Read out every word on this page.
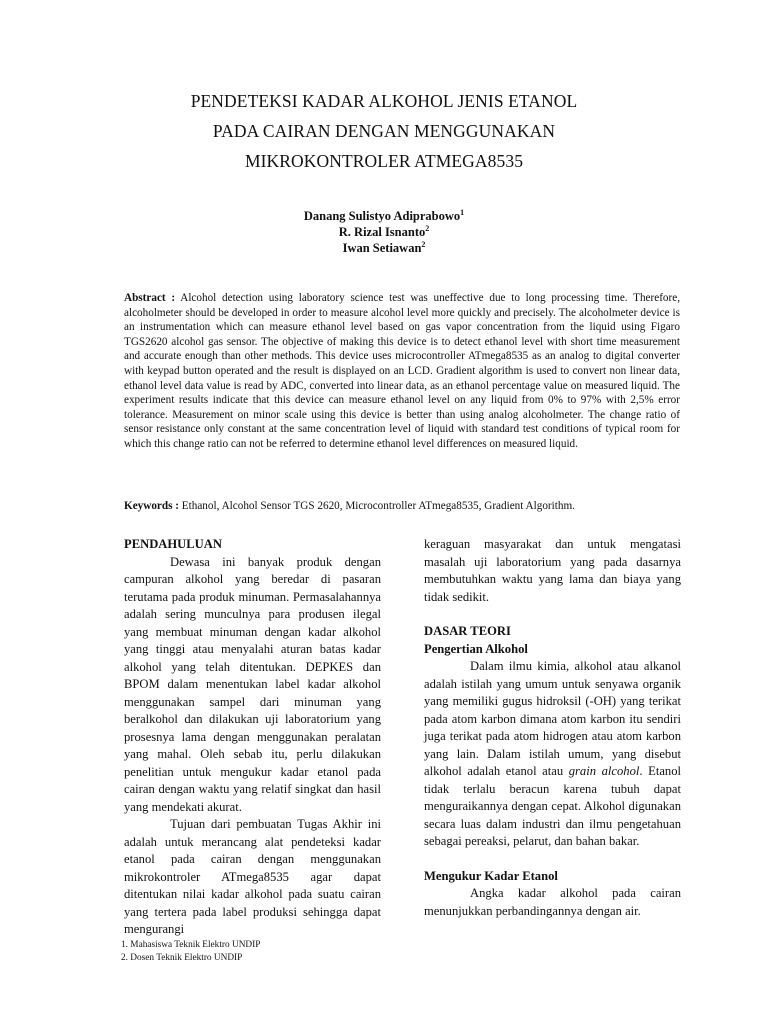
PENDETEKSI KADAR ALKOHOL JENIS ETANOL
PADA CAIRAN DENGAN MENGGUNAKAN
MIKROKONTROLER ATMEGA8535
Danang Sulistyo Adiprabowo$^1$
R. Rizal Isnanto$^2$
Iwan Setiawan$^2$

Abstract : Alcohol detection using laboratory science test was uneffective due to long processing time. Therefore, alcoholmeter should be developed in order to measure alcohol level more quickly and precisely. The alcoholmeter device is an instrumentation which can measure ethanol level based on gas vapor concentration from the liquid using Figaro TGS2620 alcohol gas sensor. The objective of making this device is to detect ethanol level with short time measurement and accurate enough than other methods. This device uses microcontroller ATmega8535 as an analog to digital converter with keypad button operated and the result is displayed on an LCD. Gradient algorithm is used to convert non linear data, ethanol level data value is read by ADC, converted into linear data, as an ethanol percentage value on measured liquid. The experiment results indicate that this device can measure ethanol level on any liquid from 0% to 97% with 2,5% error tolerance. Measurement on minor scale using this device is better than using analog alcoholmeter. The change ratio of sensor resistance only constant at the same concentration level of liquid with standard test conditions of typical room for which this change ratio can not be referred to determine ethanol level differences on measured liquid.

Keywords : Ethanol, Alcohol Sensor TGS 2620, Microcontroller ATmega8535, Gradient Algorithm.

PENDAHULUAN

Dewasa ini banyak produk dengan campuran alkohol yang beredar di pasaran terutama pada produk minuman. Permasalahannya adalah sering munculnya para produsen ilegal yang membuat minuman dengan kadar alkohol yang tinggi atau menyalahi aturan batas kadar alkohol yang telah ditentukan. DEPKES dan BPOM dalam menentukan label kadar alkohol menggunakan sampel dari minuman yang beralkohol dan dilakukan uji laboratorium yang prosesnya lama dengan menggunakan peralatan yang mahal. Oleh sebab itu, perlu dilakukan penelitian untuk mengukur kadar etanol pada cairan dengan waktu yang relatif singkat dan hasil yang mendekati akurat.

Tujuan dari pembuatan Tugas Akhir ini adalah untuk merancang alat pendeteksi kadar etanol pada cairan dengan menggunakan mikrokontroler ATmega8535 agar dapat ditentukan nilai kadar alkohol pada suatu cairan yang tertera pada label produksi sehingga dapat mengurangi

keraguan masyarakat dan untuk mengatasi masalah uji laboratorium yang pada dasarnya membutuhkan waktu yang lama dan biaya yang tidak sedikit.

DASAR TEORI
Pengertian Alkohol

Dalam ilmu kimia, alkohol atau alkanol adalah istilah yang umum untuk senyawa organik yang memiliki gugus hidroksil (-OH) yang terikat pada atom karbon dimana atom karbon itu sendiri juga terikat pada atom hidrogen atau atom karbon yang lain. Dalam istilah umum, yang disebut alkohol adalah etanol atau grain alcohol. Etanol tidak terlalu beracun karena tubuh dapat menguraikannya dengan cepat. Alkohol digunakan secara luas dalam industri dan ilmu pengetahuan sebagai pereaksi, pelarut, dan bahan bakar.

Mengukur Kadar Etanol

Angka kadar alkohol pada cairan menunjukkan perbandingannya dengan air.

1. Mahasiswa Teknik Elektro UNDIP
2. Dosen Teknik Elektro UNDIP
